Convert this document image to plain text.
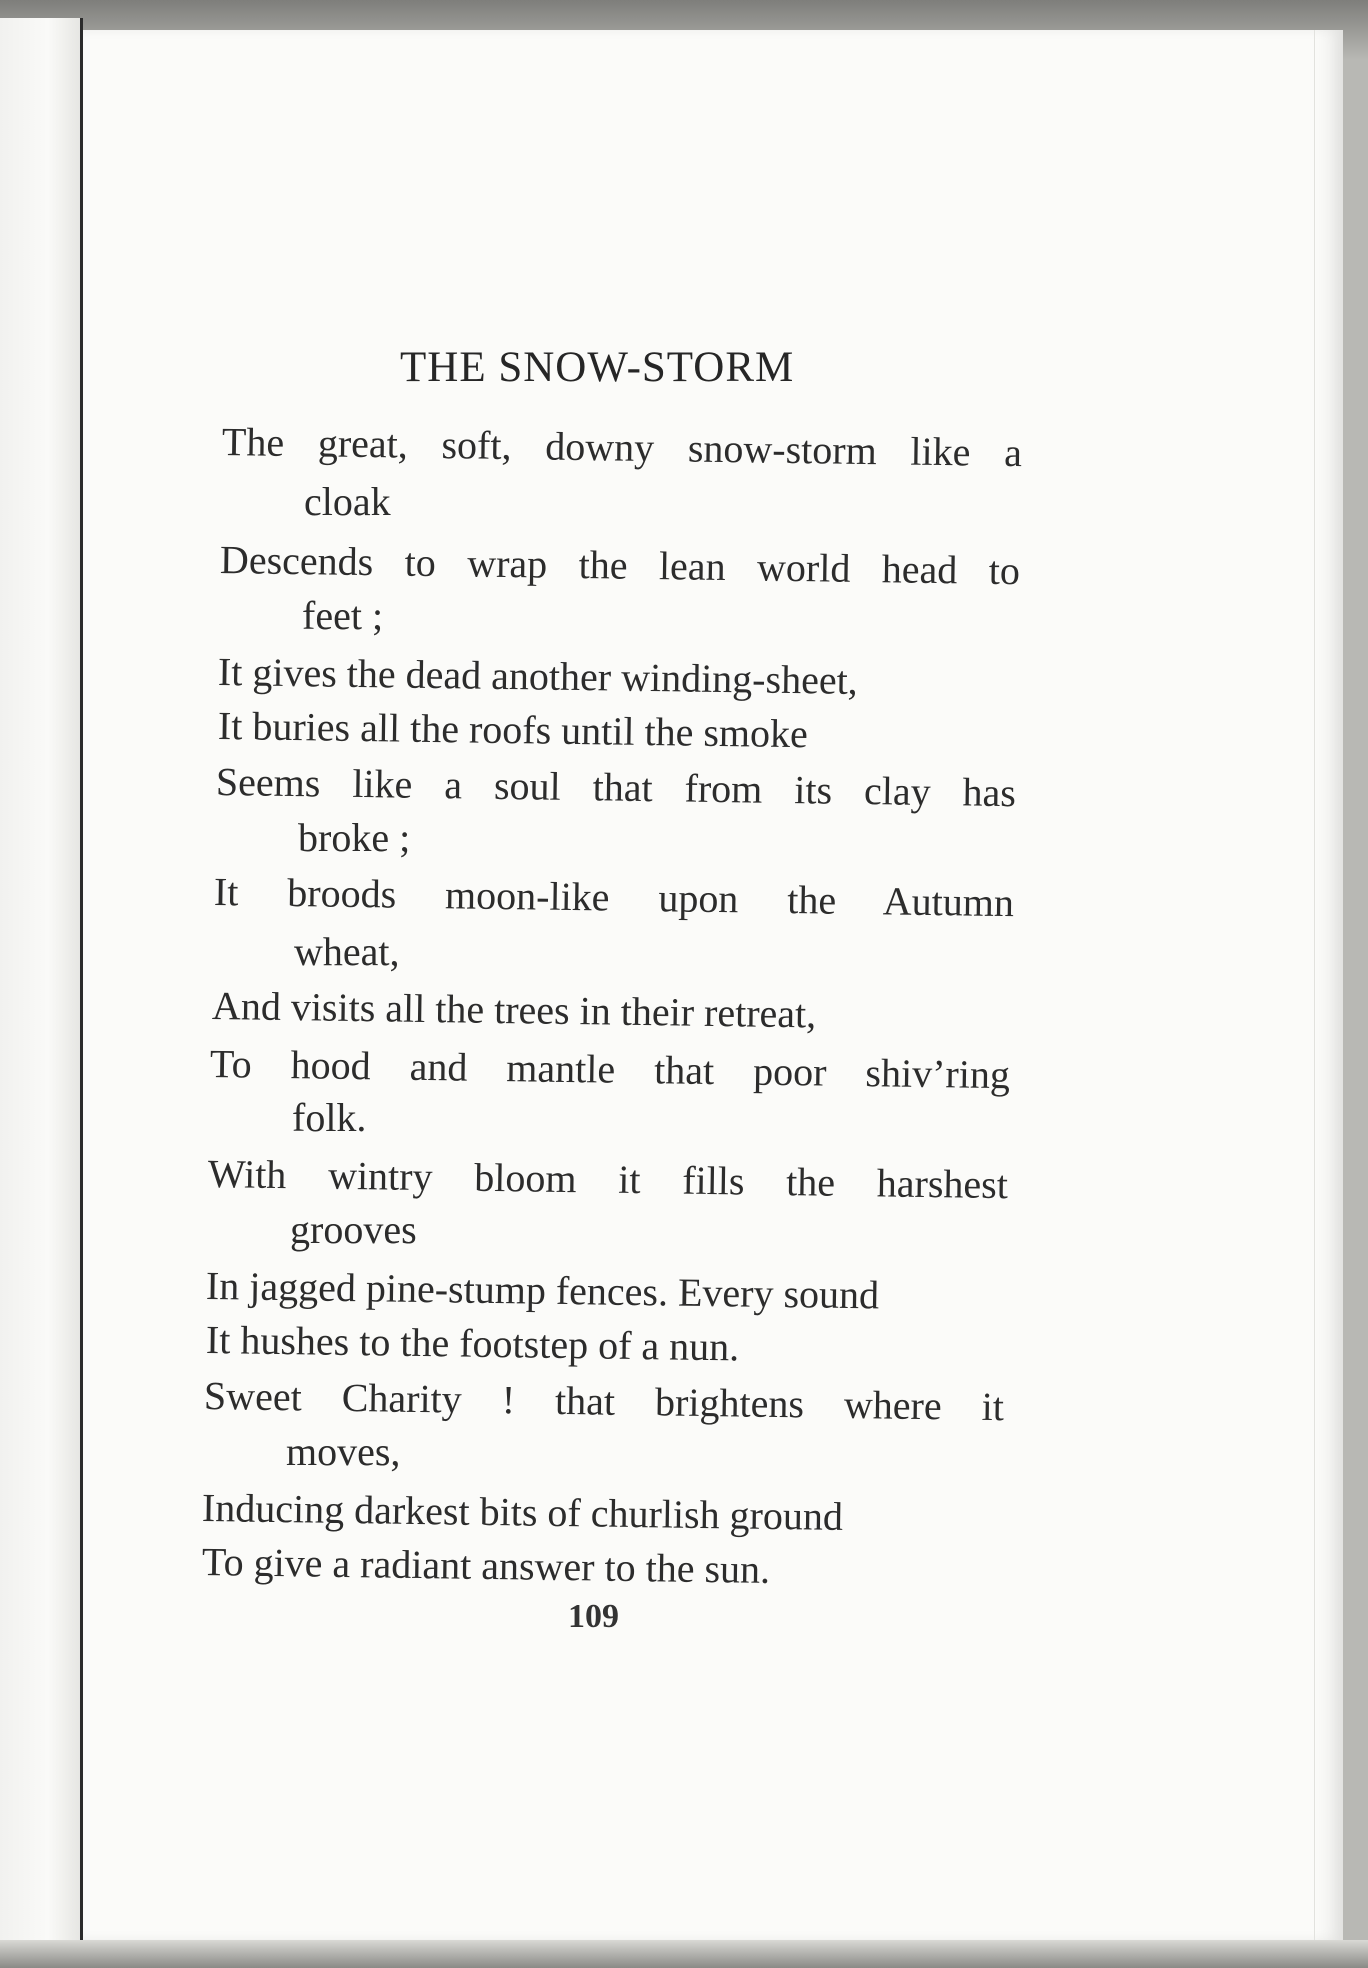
THE SNOW-STORM
The great, soft, downy snow-storm like a
cloak
Descends to wrap the lean world head to
feet ;
It gives the dead another winding-sheet,
It buries all the roofs until the smoke
Seems like a soul that from its clay has
broke ;
It broods moon-like upon the Autumn
wheat,
And visits all the trees in their retreat,
To hood and mantle that poor shiv’ring
folk.
With wintry bloom it fills the harshest
grooves
In jagged pine-stump fences. Every sound
It hushes to the footstep of a nun.
Sweet Charity ! that brightens where it
moves,
Inducing darkest bits of churlish ground
To give a radiant answer to the sun.
109
